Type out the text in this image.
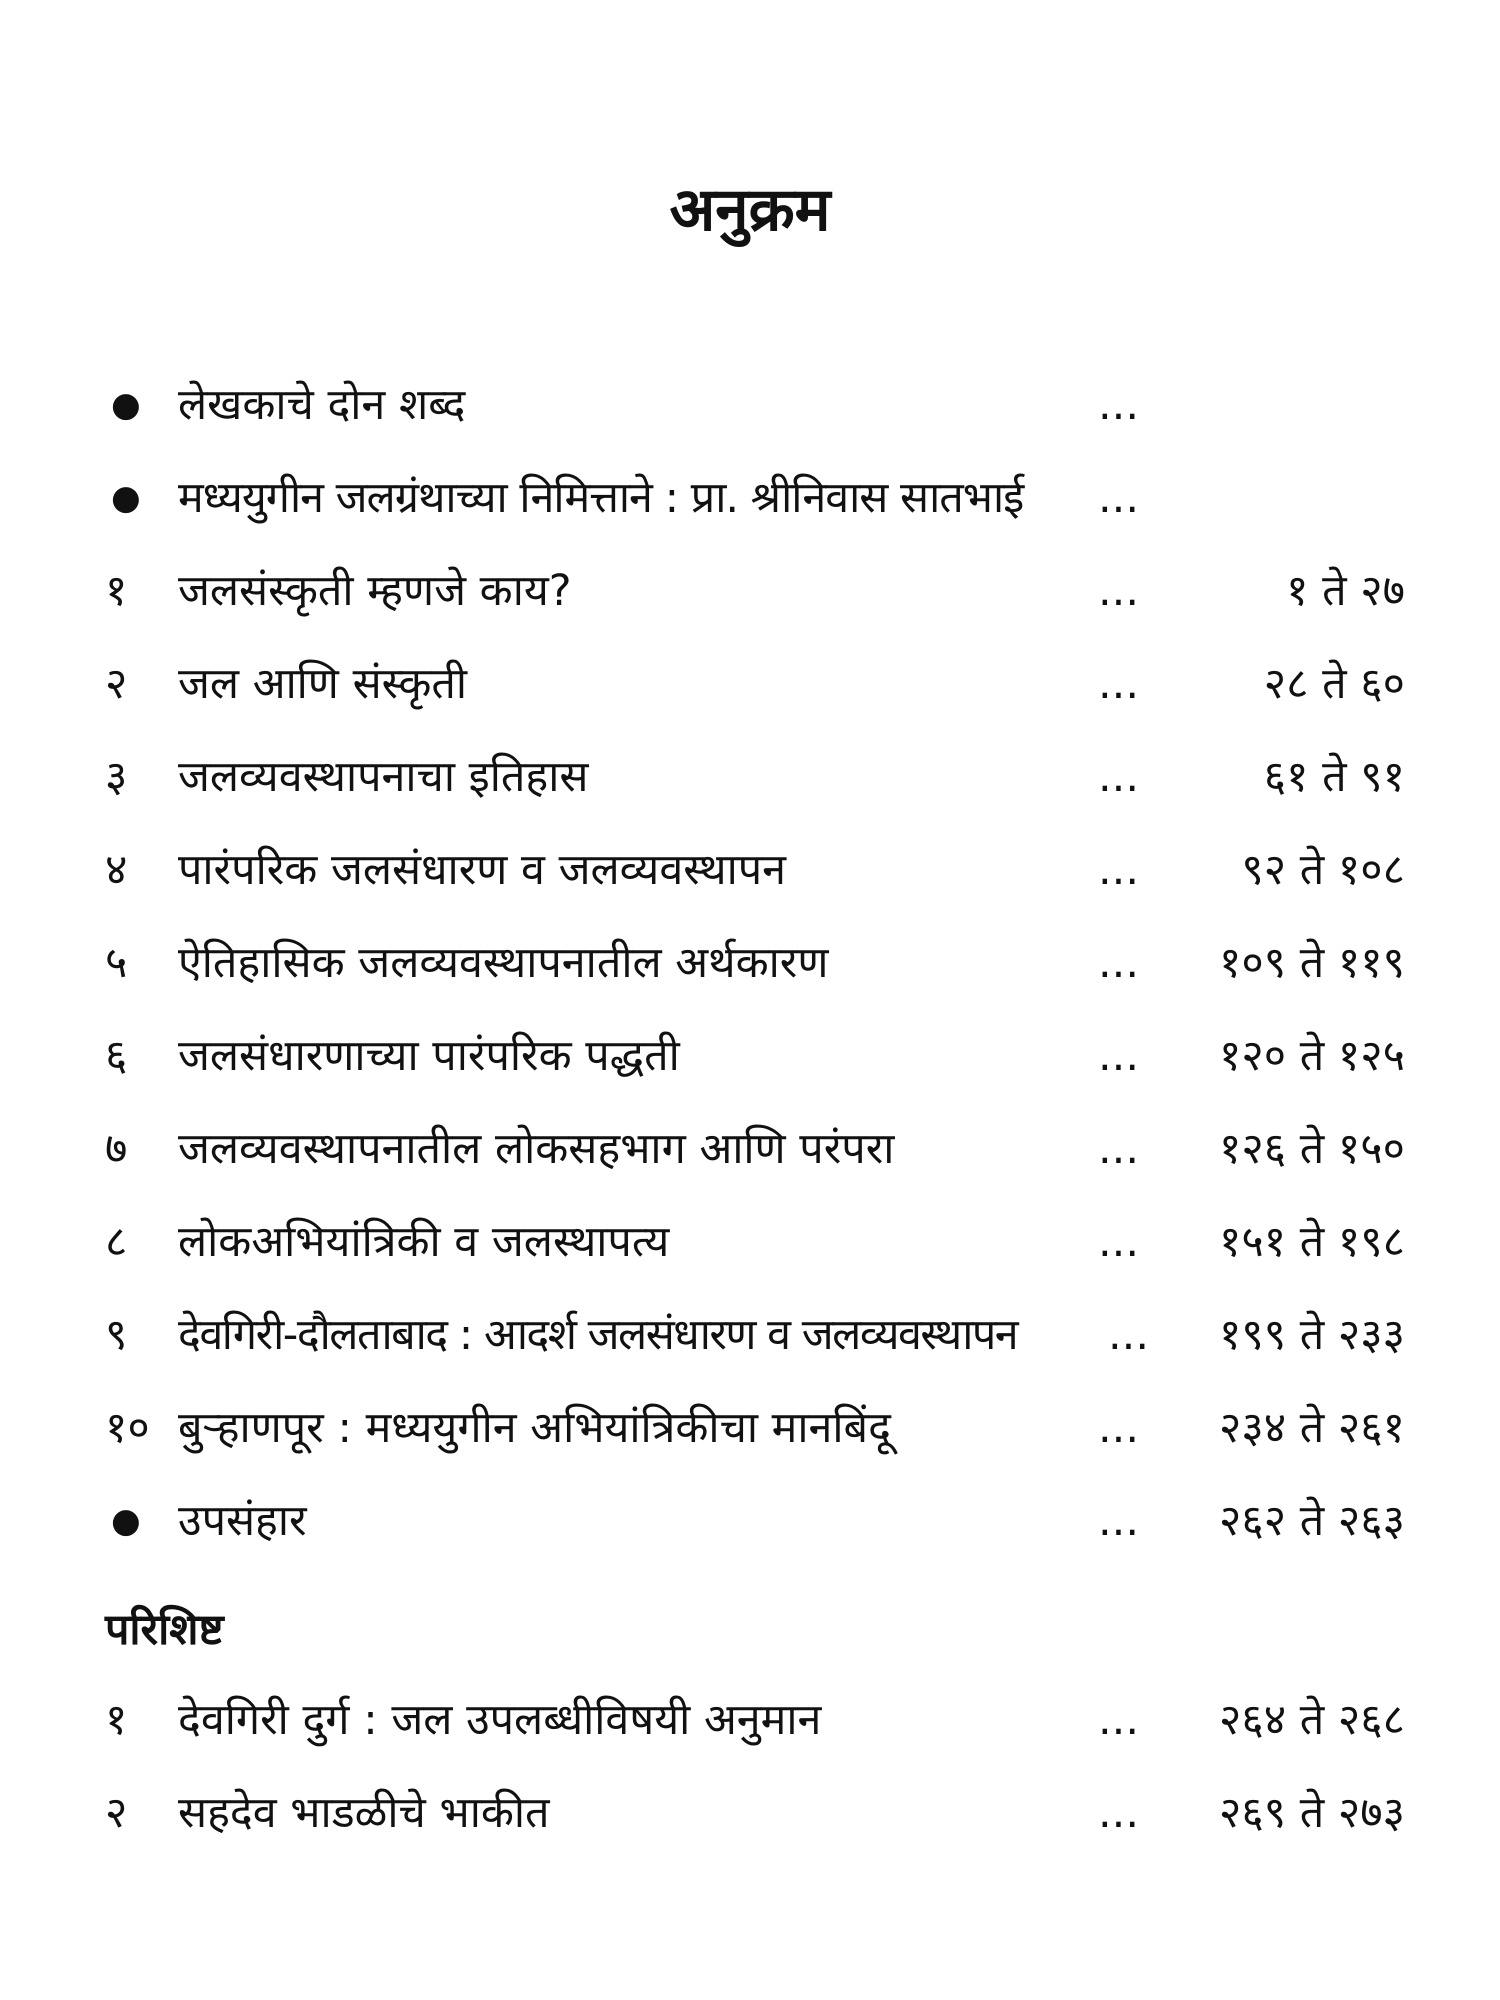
अनुक्रम
● लेखकाचे दोन शब्द	...
● मध्ययुगीन जलग्रंथाच्या निमित्ताने : प्रा. श्रीनिवास सातभाई ...
१	जलसंस्कृती म्हणजे काय?	...	१ ते २७
२	जल आणि संस्कृती	...	२८ ते ६०
३	जलव्यवस्थापनाचा इतिहास	...	६१ ते ९१
४	पारंपरिक जलसंधारण व जलव्यवस्थापन	...	९२ ते १०८
५	ऐतिहासिक जलव्यवस्थापनातील अर्थकारण	...	१०९ ते ११९
६	जलसंधारणाच्या पारंपरिक पद्धती	...	१२० ते १२५
७	जलव्यवस्थापनातील लोकसहभाग आणि परंपरा	...	१२६ ते १५०
८	लोकअभियांत्रिकी व जलस्थापत्य	...	१५१ ते १९८
९	देवगिरी-दौलताबाद : आदर्श जलसंधारण व जलव्यवस्थापन ...	१९९ ते २३३
१० बुऱ्हाणपूर : मध्ययुगीन अभियांत्रिकीचा मानबिंदू	...	२३४ ते २६१
● उपसंहार	...	२६२ ते २६३
परिशिष्ट
१	देवगिरी दुर्ग : जल उपलब्धीविषयी अनुमान	...	२६४ ते २६८
२	सहदेव भाडळीचे भाकीत	...	२६९ ते २७३
